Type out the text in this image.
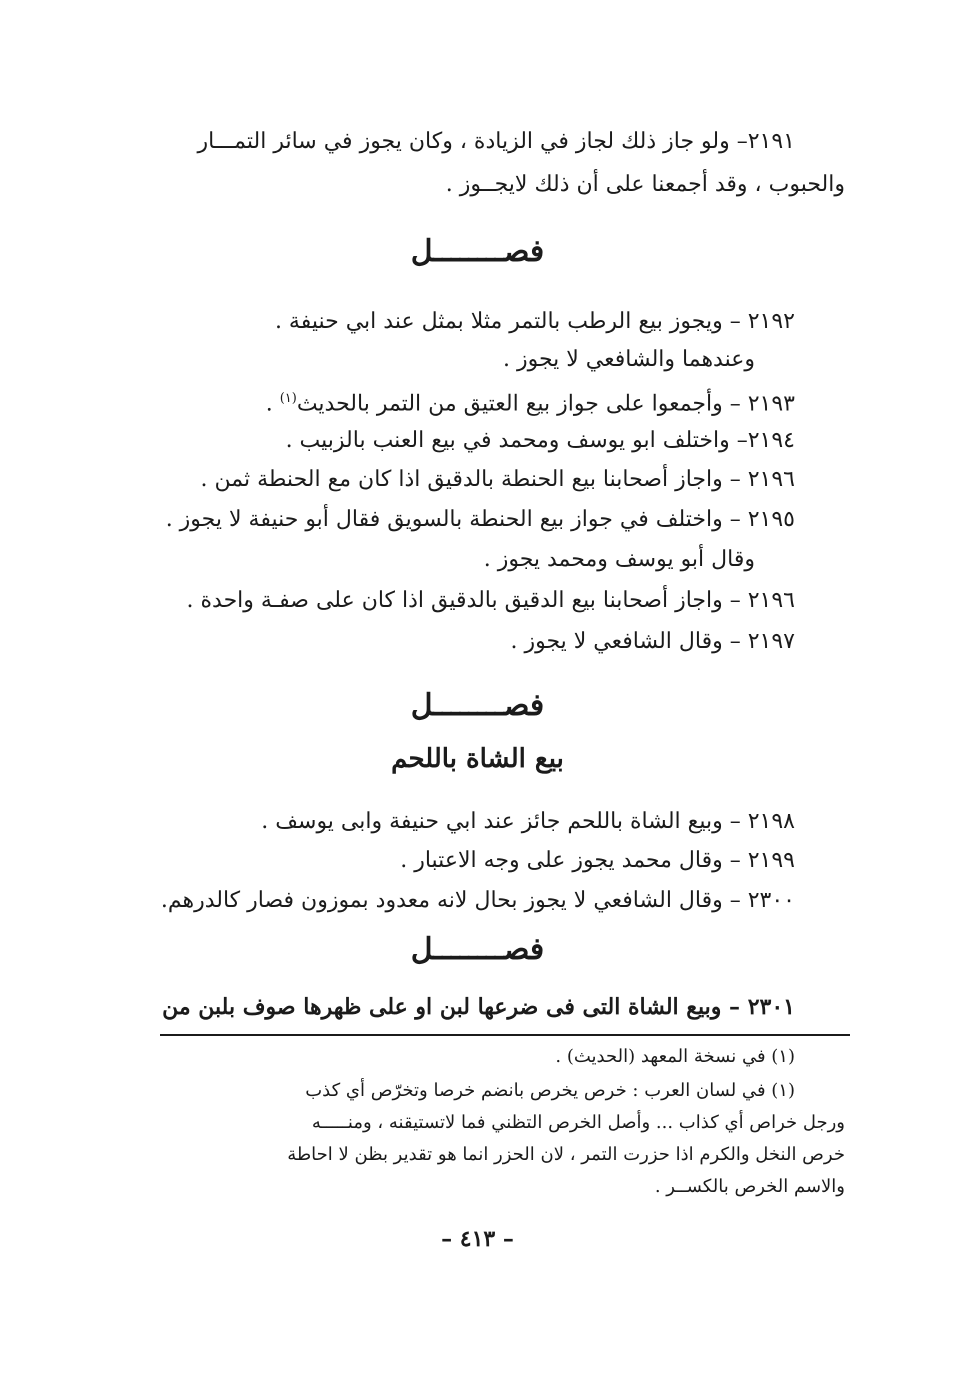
٢١٩١– ولو جاز ذلك لجاز في الزيادة ، وكان يجوز في سائر التمـــار
والحبوب ، وقد أجمعنا على أن ذلك لايجــوز .
فصــــــــل
٢١٩٢ – ويجوز بيع الرطب بالتمر مثلا بمثل عند ابي حنيفة .
وعندهما والشافعي لا يجوز .
٢١٩٣ – وأجمعوا على جواز بيع العتيق من التمر بالحديث$^{(١)}$ .
٢١٩٤– واختلف ابو يوسف ومحمد في بيع العنب بالزبيب .
٢١٩٦ – واجاز أصحابنا بيع الحنطة بالدقيق اذا كان مع الحنطة ثمن .
٢١٩٥ – واختلف في جواز بيع الحنطة بالسويق فقال أبو حنيفة لا يجوز .
وقال أبو يوسف ومحمد يجوز .
٢١٩٦ – واجاز أصحابنا بيع الدقيق بالدقيق اذا كان على صفـة واحدة .
٢١٩٧ – وقال الشافعي لا يجوز .
فصــــــــل
بيع الشاة باللحم
٢١٩٨ – وبيع الشاة باللحم جائز عند ابي حنيفة وابى يوسف .
٢١٩٩ – وقال محمد يجوز على وجه الاعتبار .
٢٣٠٠ – وقال الشافعي لا يجوز بحال لانه معدود بموزون فصار كالدرهم.
فصــــــــل
٢٣٠١ – وبيع الشاة التى فى ضرعها لبن او على ظهرها صوف بلبن من
(١) في نسخة المعهد (الحديث) .
(١) في لسان العرب : خرص يخرص بانضم خرصا وتخرّص أي كذب
ورجل خراص أي كذاب ... وأصل الخرص التظني فما لاتستيقنه ، ومنـــــه
خرص النخل والكرم اذا حزرت التمر ، لان الحزر انما هو تقدير بظن لا احاطة
والاسم الخرص بالكســر .
– ٤١٣ –
